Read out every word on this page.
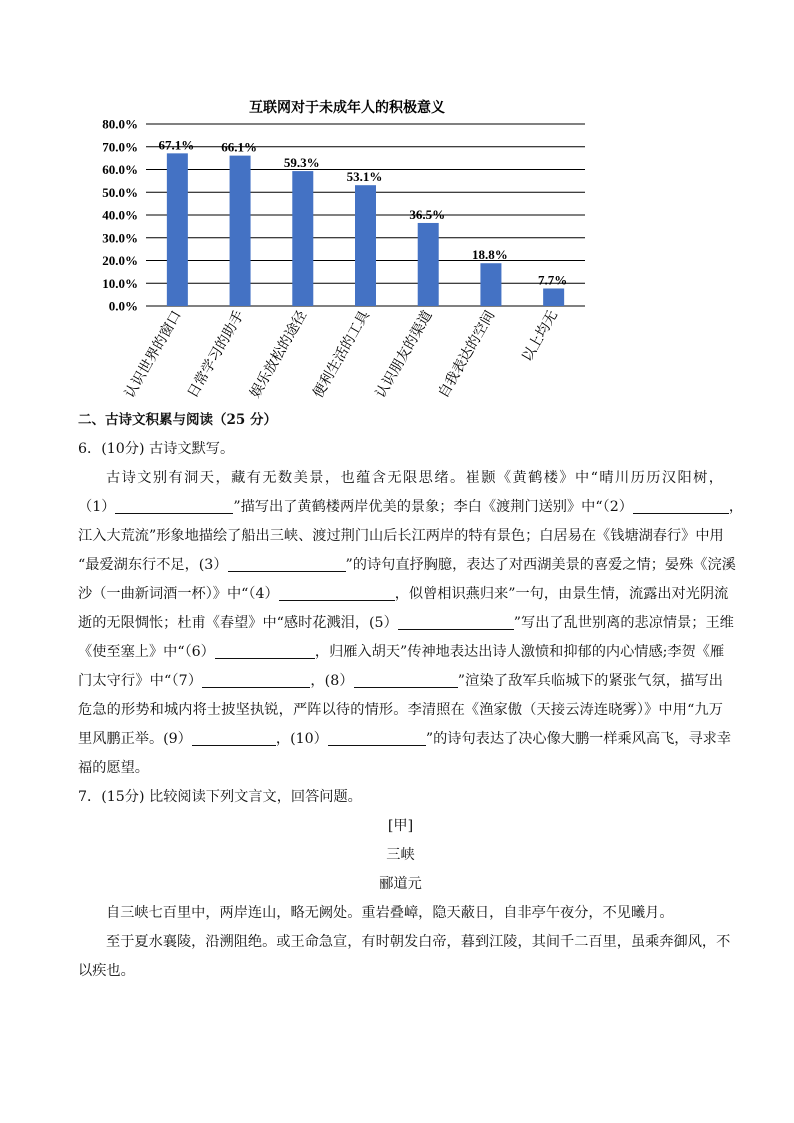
互联网对于未成年人的积极意义
80.0%
70.0%
60.0%
50.0%
40.0%
30.0%
20.0%
10.0%
0.0%
67.1% 66.1%
59.3%
53.1%
36.5%
18.8%
7.7%
认识世界的窗口 日常学习的助手 娱乐放松的途径 便利生活的工具 认识朋友的渠道 自我表达的空间 以上均无
二、古诗文积累与阅读（25 分）
6．(10分) 古诗文默写。
古诗文别有洞天，藏有无数美景，也蕴含无限思绪。崔颢《黄鹤楼》中“晴川历历汉阳树，
（1）	”描写出了黄鹤楼两岸优美的景象；李白《渡荆门送别》中“（2）	，
江入大荒流”形象地描绘了船出三峡、渡过荆门山后长江两岸的特有景色；白居易在《钱塘湖春行》中用
“最爱湖东行不足，(3）	”的诗句直抒胸臆，表达了对西湖美景的喜爱之情；晏殊《浣溪
沙（一曲新词酒一杯）》中“（4）	，似曾相识燕归来”一句，由景生情，流露出对光阴流
逝的无限惆怅；杜甫《春望》中“感时花溅泪，(5）	”写出了乱世别离的悲凉情景；王维
《使至塞上》中“（6）	，归雁入胡天”传神地表达出诗人激愤和抑郁的内心情感;李贺《雁
门太守行》中“（7）	，(8）	”渲染了敌军兵临城下的紧张气氛，描写出
危急的形势和城内将士披坚执锐，严阵以待的情形。李清照在《渔家傲（天接云涛连晓雾）》中用“九万
里风鹏正举。(9）	，(10）	”的诗句表达了决心像大鹏一样乘风高飞，寻求幸
福的愿望。
7．(15分) 比较阅读下列文言文，回答问题。
[甲]
三峡
郦道元
自三峡七百里中，两岸连山，略无阙处。重岩叠嶂，隐天蔽日，自非亭午夜分，不见曦月。
至于夏水襄陵，沿溯阻绝。或王命急宣，有时朝发白帝，暮到江陵，其间千二百里，虽乘奔御风，不
以疾也。
